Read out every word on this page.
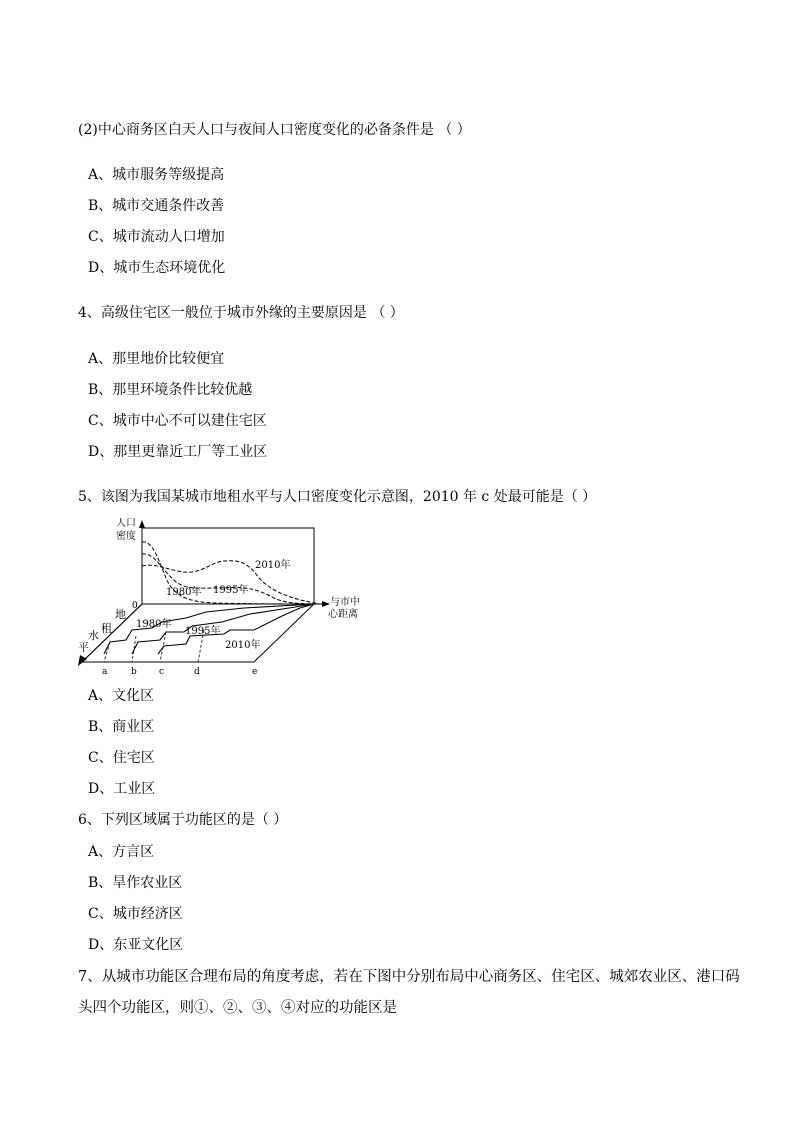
(2)中心商务区白天人口与夜间人口密度变化的必备条件是 （ ）
A、城市服务等级提高
B、城市交通条件改善
C、城市流动人口增加
D、城市生态环境优化
4、高级住宅区一般位于城市外缘的主要原因是 （ ）
A、那里地价比较便宜
B、那里环境条件比较优越
C、城市中心不可以建住宅区
D、那里更靠近工厂等工业区
5、该图为我国某城市地租水平与人口密度变化示意图，2010 年 c 处最可能是（ ）
人口
密度
0
2010年
1980年 1995年
与市中
心距离
地
租
水
平
1980年
1995年
2010年
a	b c	d	e
A、文化区
B、商业区
C、住宅区
D、工业区
6、下列区域属于功能区的是（ ）
A、方言区
B、旱作农业区
C、城市经济区
D、东亚文化区
7、从城市功能区合理布局的角度考虑，若在下图中分别布局中心商务区、住宅区、城郊农业区、港口码
头四个功能区，则①、②、③、④对应的功能区是
